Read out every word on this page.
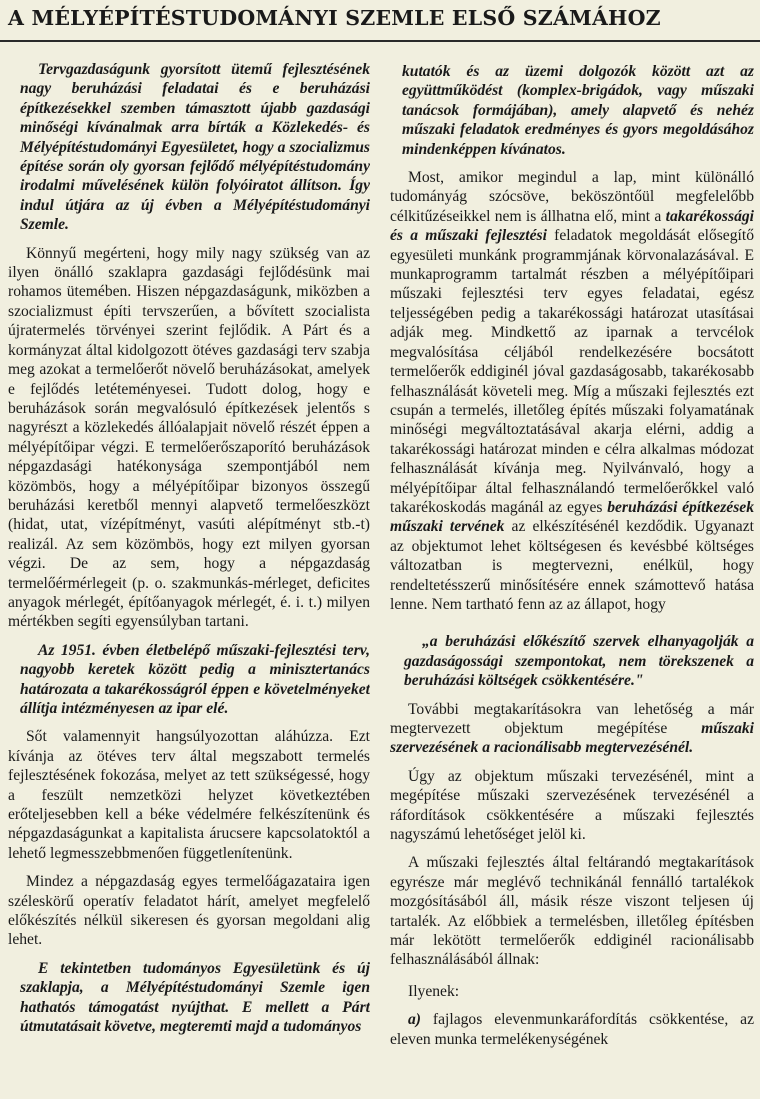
A MÉLYÉPÍTÉSTUDOMÁNYI SZEMLE ELSŐ SZÁMÁHOZ

Tervgazdaságunk gyorsított ütemű fejlesztésének nagy beruházási feladatai és e beruházási építkezésekkel szemben támasztott újabb gazdasági minőségi kívánalmak arra bírták a Közlekedés- és Mélyépítéstudományi Egyesületet, hogy a szocializmus építése során oly gyorsan fejlődő mélyépítéstudomány irodalmi művelésének külön folyóiratot állítson. Így indul útjára az új évben a Mélyépítéstudományi Szemle.

Könnyű megérteni, hogy mily nagy szükség van az ilyen önálló szaklapra gazdasági fejlődésünk mai rohamos ütemében. Hiszen népgazdaságunk, miközben a szocializmust építi tervszerűen, a bővített szocialista újratermelés törvényei szerint fejlődik. A Párt és a kormányzat által kidolgozott ötéves gazdasági terv szabja meg azokat a termelőerőt növelő beruházásokat, amelyek e fejlődés letéteményesei. Tudott dolog, hogy e beruházások során megvalósuló építkezések jelentős s nagyrészt a közlekedés állóalapjait növelő részét éppen a mélyépítőipar végzi. E termelőerőszaporító beruházások népgazdasági hatékonysága szempontjából nem közömbös, hogy a mélyépítőipar bizonyos összegű beruházási keretből mennyi alapvető termelőeszközt (hidat, utat, vízépítményt, vasúti alépítményt stb.-t) realizál. Az sem közömbös, hogy ezt milyen gyorsan végzi. De az sem, hogy a népgazdaság termelőérmérlegeit (p. o. szakmunkás-mérleget, deficites anyagok mérlegét, építőanyagok mérlegét, é. i. t.) milyen mértékben segíti egyensúlyban tartani.

Az 1951. évben életbelépő műszaki-fejlesztési terv, nagyobb keretek között pedig a minisztertanács határozata a takarékosságról éppen e követelményeket állítja intézményesen az ipar elé.

Sőt valamennyit hangsúlyozottan aláhúzza. Ezt kívánja az ötéves terv által megszabott termelés fejlesztésének fokozása, melyet az tett szükségessé, hogy a feszült nemzetközi helyzet következtében erőteljesebben kell a béke védelmére felkészítenünk és népgazdaságunkat a kapitalista árucsere kapcsolatoktól a lehető legmesszebbmenően függetlenítenünk.

Mindez a népgazdaság egyes termelőágazataira igen széleskörű operatív feladatot hárít, amelyet megfelelő előkészítés nélkül sikeresen és gyorsan megoldani alig lehet.

E tekintetben tudományos Egyesületünk és új szaklapja, a Mélyépítéstudományi Szemle igen hathatós támogatást nyújthat. E mellett a Párt útmutatásait követve, megteremti majd a tudományos

kutatók és az üzemi dolgozók között azt az együttműködést (komplex-brigádok, vagy műszaki tanácsok formájában), amely alapvető és nehéz műszaki feladatok eredményes és gyors megoldásához mindenképpen kívánatos.

Most, amikor megindul a lap, mint különálló tudományág szócsöve, beköszöntőül megfelelőbb célkitűzéseikkel nem is állhatna elő, mint a takarékossági és a műszaki fejlesztési feladatok megoldását elősegítő egyesületi munkánk programmjának körvonalazásával. E munkaprogramm tartalmát részben a mélyépítőipari műszaki fejlesztési terv egyes feladatai, egész teljességében pedig a takarékossági határozat utasításai adják meg. Mindkettő az iparnak a tervcélok megvalósítása céljából rendelkezésére bocsátott termelőerők eddiginél jóval gazdaságosabb, takarékosabb felhasználását követeli meg. Míg a műszaki fejlesztés ezt csupán a termelés, illetőleg építés műszaki folyamatának minőségi megváltoztatásával akarja elérni, addig a takarékossági határozat minden e célra alkalmas módozat felhasználását kívánja meg. Nyilvánvaló, hogy a mélyépítőipar által felhasználandó termelőerőkkel való takarékoskodás magánál az egyes beruházási építkezések műszaki tervének az elkészítésénél kezdődik. Ugyanazt az objektumot lehet költségesen és kevésbbé költséges változatban is megtervezni, enélkül, hogy rendeltetésszerű minősítésére ennek számottevő hatása lenne. Nem tartható fenn az az állapot, hogy

„a beruházási előkészítő szervek elhanyagolják a gazdaságossági szempontokat, nem törekszenek a beruházási költségek csökkentésére."

További megtakarításokra van lehetőség a már megtervezett objektum megépítése műszaki szervezésének a racionálisabb megtervezésénél.

Úgy az objektum műszaki tervezésénél, mint a megépítése műszaki szervezésének tervezésénél a ráfordítások csökkentésére a műszaki fejlesztés nagyszámú lehetőséget jelöl ki.

A műszaki fejlesztés által feltárandó megtakarítások egyrésze már meglévő technikánál fennálló tartalékok mozgósításából áll, másik része viszont teljesen új tartalék. Az előbbiek a termelésben, illetőleg építésben már lekötött termelőerők eddiginél racionálisabb felhasználásából állnak:

Ilyenek:

a) fajlagos elevenmunkaráfordítás csökkentése, az eleven munka termelékenységének
